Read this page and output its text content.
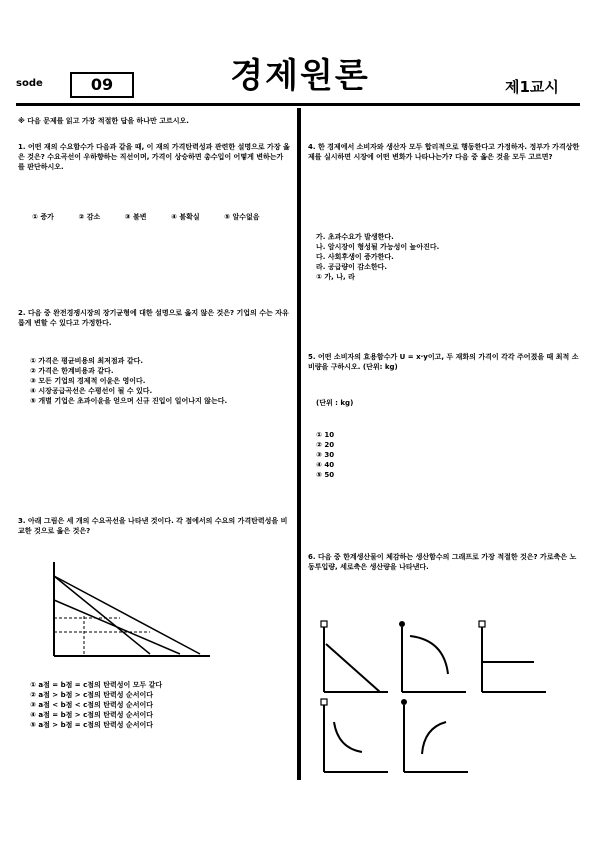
sode	09	경제원론	제1교시
※ 다음 문제를 읽고 가장 적절한 답을 하나만 고르시오.
1. 어떤 재의 수요함수가 다음과 같을 때, 이 재의 가격탄력성과 관련한 설명으로 가장 옳은 것은? 수요곡선이 우하향하는 직선이며, 가격이 상승하면 총수입이 어떻게 변하는가를 판단하시오.
① 증가	② 감소	③ 불변	④ 불확실	⑤ 알수없음
2. 다음 중 완전경쟁시장의 장기균형에 대한 설명으로 옳지 않은 것은? 기업의 수는 자유롭게 변할 수 있다고 가정한다.
① 가격은 평균비용의 최저점과 같다.
② 가격은 한계비용과 같다.
③ 모든 기업의 경제적 이윤은 영이다.
④ 시장공급곡선은 수평선이 될 수 있다.
⑤ 개별 기업은 초과이윤을 얻으며 신규 진입이 일어나지 않는다.
3. 아래 그림은 세 개의 수요곡선을 나타낸 것이다. 각 점에서의 수요의 가격탄력성을 비교한 것으로 옳은 것은?
① a점 = b점 = c점의 탄력성이 모두 같다
② a점 > b점 > c점의 탄력성 순서이다
③ a점 < b점 < c점의 탄력성 순서이다
④ a점 = b점 > c점의 탄력성 순서이다
⑤ a점 > b점 = c점의 탄력성 순서이다
4. 한 경제에서 소비자와 생산자 모두 합리적으로 행동한다고 가정하자. 정부가 가격상한제를 실시하면 시장에 어떤 변화가 나타나는가? 다음 중 옳은 것을 모두 고르면?
가. 초과수요가 발생한다.
나. 암시장이 형성될 가능성이 높아진다.
다. 사회후생이 증가한다.
라. 공급량이 감소한다.
① 가, 나, 라
5. 어떤 소비자의 효용함수가 U = x·y이고, 두 재화의 가격이 각각 주어졌을 때 최적 소비량을 구하시오. (단위: kg)
(단위 : kg)
① 10
② 20
③ 30
④ 40
⑤ 50
6. 다음 중 한계생산물이 체감하는 생산함수의 그래프로 가장 적절한 것은? 가로축은 노동투입량, 세로축은 생산량을 나타낸다.
